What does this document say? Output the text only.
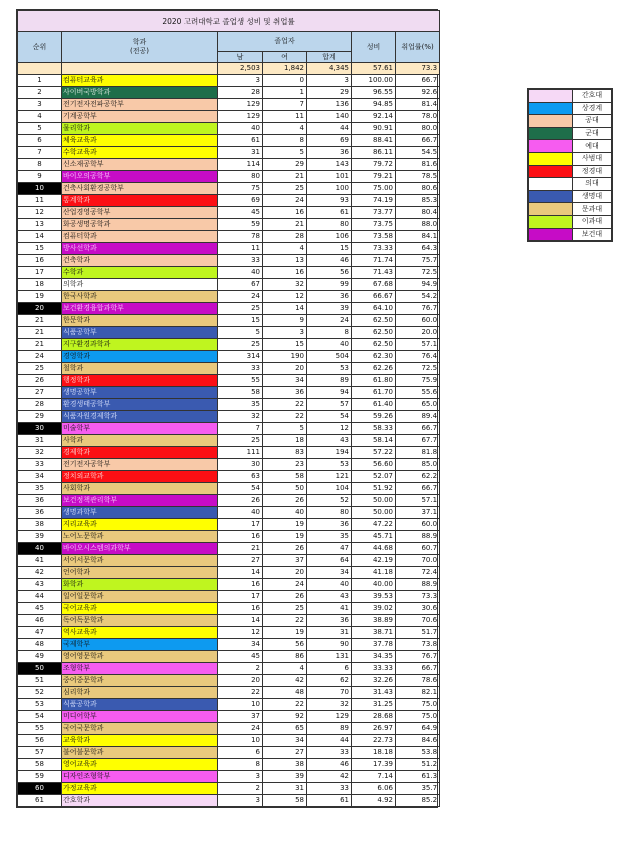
2020 고려대학교 졸업생 성비 및 취업률						
순위	학과
(전공)	졸업자			성비	취업률(%)
		남	여	합계		
		2,503	1,842	4,345	57.61	73.3
1	컴퓨터교육과	3	0	3	100.00	66.7
2	사이버국방학과	28	1	29	96.55	92.6
3	전기전자전파공학부	129	7	136	94.85	81.4
4	기계공학부	129	11	140	92.14	78.0
5	물리학과	40	4	44	90.91	80.0
6	체육교육과	61	8	69	88.41	66.7
7	수학교육과	31	5	36	86.11	54.5
8	신소재공학부	114	29	143	79.72	81.6
9	바이오의공학부	80	21	101	79.21	78.5
10	건축사회환경공학부	75	25	100	75.00	80.6
11	통계학과	69	24	93	74.19	85.3
12	산업경영공학부	45	16	61	73.77	80.4
13	화공생명공학과	59	21	80	73.75	88.0
14	컴퓨터학과	78	28	106	73.58	84.1
15	방사선학과	11	4	15	73.33	64.3
16	건축학과	33	13	46	71.74	75.7
17	수학과	40	16	56	71.43	72.5
18	의학과	67	32	99	67.68	94.9
19	한국사학과	24	12	36	66.67	54.2
20	보건환경융합과학부	25	14	39	64.10	76.7
21	한문학과	15	9	24	62.50	60.0
21	식품공학부	5	3	8	62.50	20.0
21	지구환경과학과	25	15	40	62.50	57.1
24	경영학과	314	190	504	62.30	76.4
25	철학과	33	20	53	62.26	72.5
26	행정학과	55	34	89	61.80	75.9
27	생명공학부	58	36	94	61.70	55.6
28	환경생태공학부	35	22	57	61.40	65.0
29	식품자원경제학과	32	22	54	59.26	89.4
30	미술학부	7	5	12	58.33	66.7
31	사학과	25	18	43	58.14	67.7
32	경제학과	111	83	194	57.22	81.8
33	전기전자공학부	30	23	53	56.60	85.0
34	정치외교학과	63	58	121	52.07	62.2
35	사회학과	54	50	104	51.92	66.7
36	보건정책관리학부	26	26	52	50.00	57.1
36	생명과학부	40	40	80	50.00	37.1
38	지리교육과	17	19	36	47.22	60.0
39	노어노문학과	16	19	35	45.71	88.9
40	바이오시스템의과학부	21	26	47	44.68	60.7
41	서어서문학과	27	37	64	42.19	70.0
42	언어학과	14	20	34	41.18	72.4
43	화학과	16	24	40	40.00	88.9
44	일어일문학과	17	26	43	39.53	73.3
45	국어교육과	16	25	41	39.02	30.6
46	독어독문학과	14	22	36	38.89	70.6
47	역사교육과	12	19	31	38.71	51.7
48	국제학부	34	56	90	37.78	73.8
49	영어영문학과	45	86	131	34.35	76.7
50	조형학부	2	4	6	33.33	66.7
51	중어중문학과	20	42	62	32.26	78.6
52	심리학과	22	48	70	31.43	82.1
53	식품공학과	10	22	32	31.25	75.0
54	미디어학부	37	92	129	28.68	75.0
55	국어국문학과	24	65	89	26.97	64.9
56	교육학과	10	34	44	22.73	84.6
57	불어불문학과	6	27	33	18.18	53.8
58	영어교육과	8	38	46	17.39	51.2
59	디자인조형학부	3	39	42	7.14	61.3
60	가정교육과	2	31	33	6.06	35.7
61	간호학과	3	58	61	4.92	85.2
	간호대
	상경계
	공대
	군대
	예대
	사범대
	정경대
	의대
	생명대
	문과대
	이과대
	보건대
